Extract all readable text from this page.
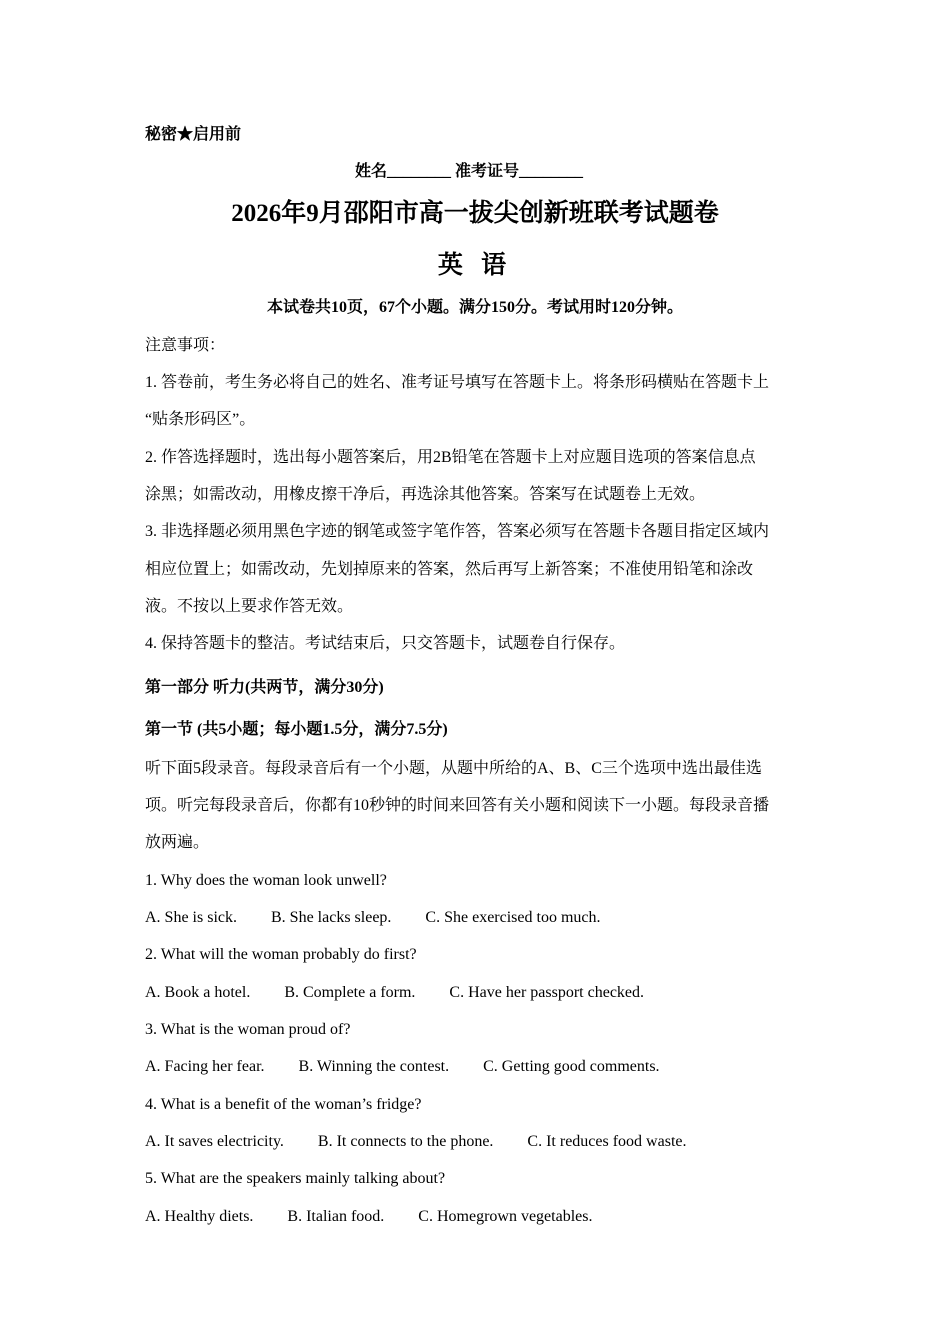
秘密★启用前
姓名________ 准考证号________
2026年9月邵阳市高一拔尖创新班联考试题卷
英 语
本试卷共10页，67个小题。满分150分。考试用时120分钟。
注意事项：
1. 答卷前，考生务必将自己的姓名、准考证号填写在答题卡上。将条形码横贴在答题卡上
“贴条形码区”。
2. 作答选择题时，选出每小题答案后，用2B铅笔在答题卡上对应题目选项的答案信息点
涂黑；如需改动，用橡皮擦干净后，再选涂其他答案。答案写在试题卷上无效。
3. 非选择题必须用黑色字迹的钢笔或签字笔作答，答案必须写在答题卡各题目指定区域内
相应位置上；如需改动，先划掉原来的答案，然后再写上新答案；不准使用铅笔和涂改
液。不按以上要求作答无效。
4. 保持答题卡的整洁。考试结束后，只交答题卡，试题卷自行保存。
第一部分 听力(共两节，满分30分)
第一节 (共5小题；每小题1.5分，满分7.5分)
听下面5段录音。每段录音后有一个小题，从题中所给的A、B、C三个选项中选出最佳选
项。听完每段录音后，你都有10秒钟的时间来回答有关小题和阅读下一小题。每段录音播
放两遍。
1. Why does the woman look unwell?
A. She is sick. B. She lacks sleep. C. She exercised too much.
2. What will the woman probably do first?
A. Book a hotel. B. Complete a form. C. Have her passport checked.
3. What is the woman proud of?
A. Facing her fear. B. Winning the contest. C. Getting good comments.
4. What is a benefit of the woman’s fridge?
A. It saves electricity. B. It connects to the phone. C. It reduces food waste.
5. What are the speakers mainly talking about?
A. Healthy diets. B. Italian food. C. Homegrown vegetables.
